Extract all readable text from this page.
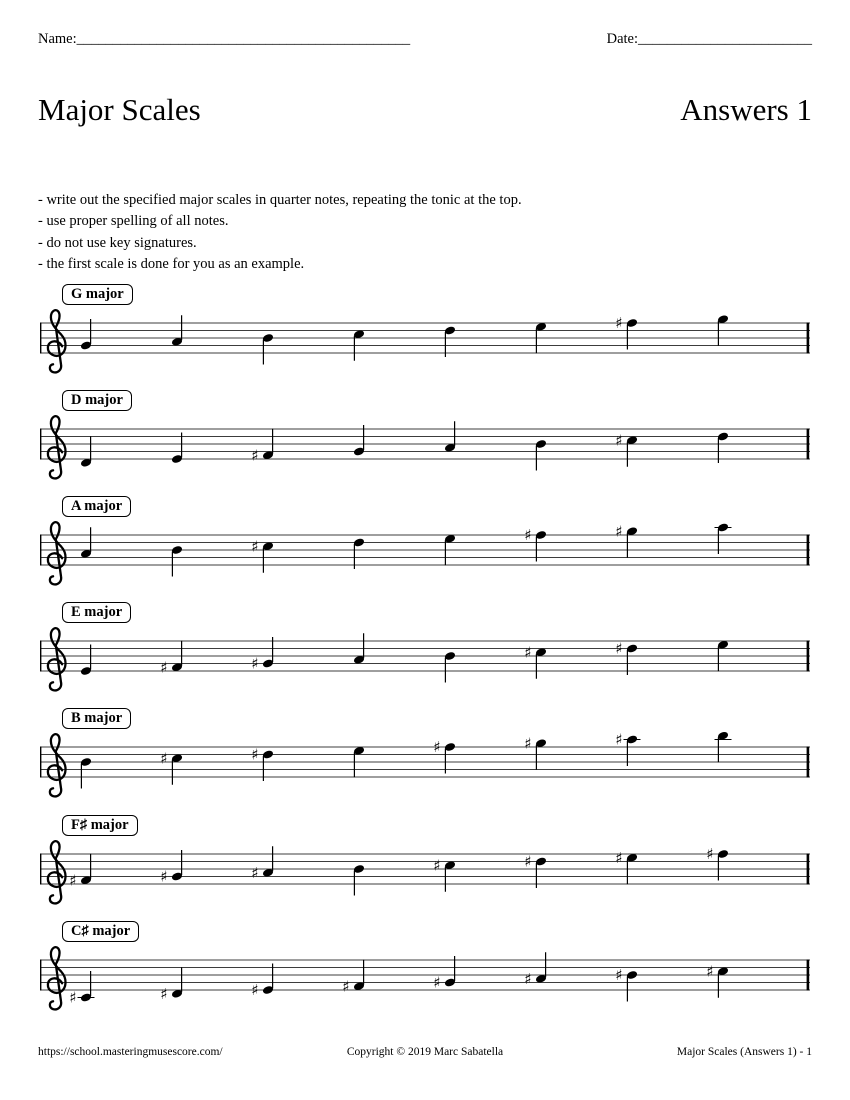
Name:______________________________________________	Date:________________________
Major Scales	Answers 1
- write out the specified major scales in quarter notes, repeating the tonic at the top.
- use proper spelling of all notes.
- do not use key signatures.
- the first scale is done for you as an example.
G major
♯
D major
♯
♯
A major
♯
♯	♯
E major
♯	♯
♯	♯
B major
♯	♯	♯	♯	♯
F♯ major
♯	♯	♯	♯	♯	♯	♯
C♯ major
♯	♯	♯	♯	♯	♯	♯	♯
https://school.masteringmusescore.com/	Copyright © 2019 Marc Sabatella	Major Scales (Answers 1) - 1
